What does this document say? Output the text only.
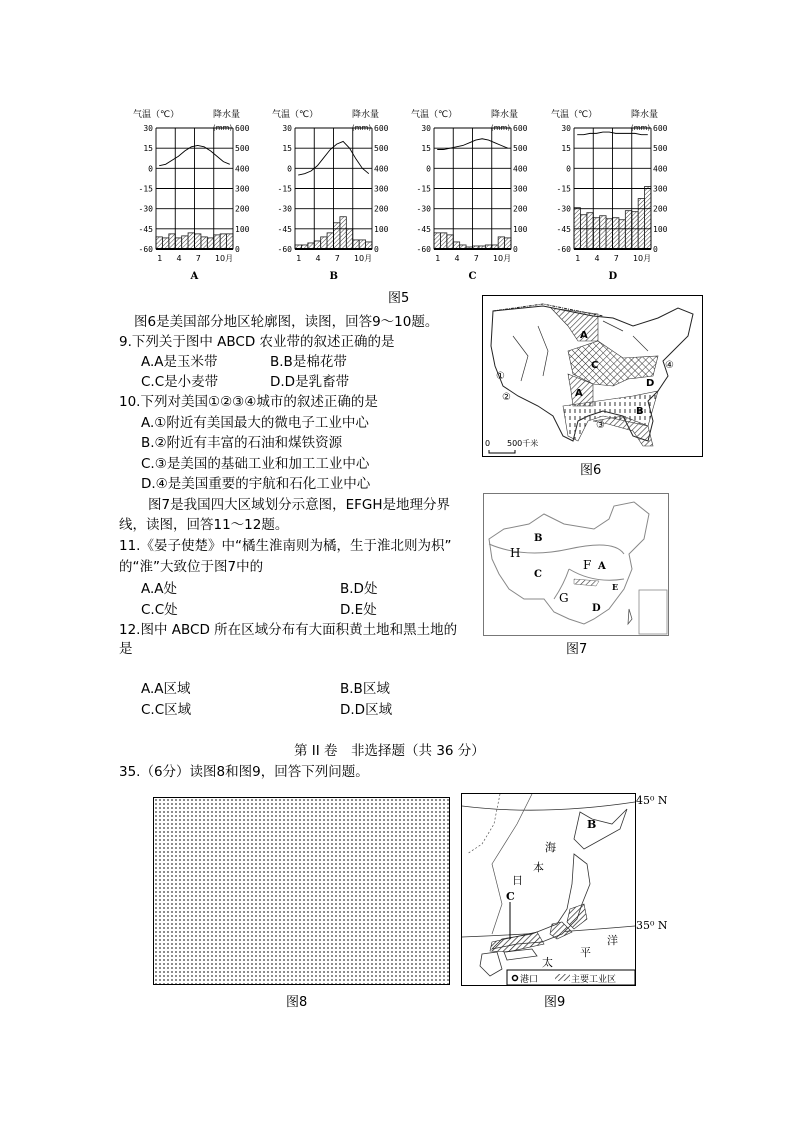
气温（℃）	降水量
(mm)
30	600
15	500
0	400
-15	300
-30	200
-45	100
-60	0
1 4 7 10月
A
气温（℃）	降水量
(mm)
30	600
15	500
0	400
-15	300
-30	200
-45	100
-60	0
1 4 7 10月
B
气温（℃）	降水量
(mm)
30	600
15	500
0	400
-15	300
-30	200
-45	100
-60	0
1 4 7 10月
C
气温（℃）	降水量
(mm)
30	600
15	500
0	400
-15	300
-30	200
-45	100
-60	0
1 4 7 10月
D
图5
图6是美国部分地区轮廓图，读图，回答9～10题。
9.下列关于图中 ABCD 农业带的叙述正确的是
A.A是玉米带	B.B是棉花带
C.C是小麦带	D.D是乳畜带
10.下列对美国①②③④城市的叙述正确的是
A.①附近有美国最大的微电子工业中心
B.②附近有丰富的石油和煤铁资源
C.③是美国的基础工业和加工工业中心
D.④是美国重要的宇航和石化工业中心
图7是我国四大区域划分示意图，EFGH是地理分界
线，读图，回答11～12题。
11.《晏子使楚》中“橘生淮南则为橘，生于淮北则为枳”
的“淮”大致位于图7中的
A.A处	B.D处
C.C处	D.E处
12.图中 ABCD 所在区域分布有大面积黄土地和黑土地的
是
A.A区域	B.B区域
C.C区域	D.D区域
第 II 卷　非选择题（共 36 分）
35.（6分）读图8和图9，回答下列问题。
A
C
A
B
D
①
②
③
④
0 500千米
图6
B
H
C
F A
E
G
D
图7
图8
C
B
本
海
日
太
平
洋
港口	主要工业区
45⁰ N
35⁰ N
图9
